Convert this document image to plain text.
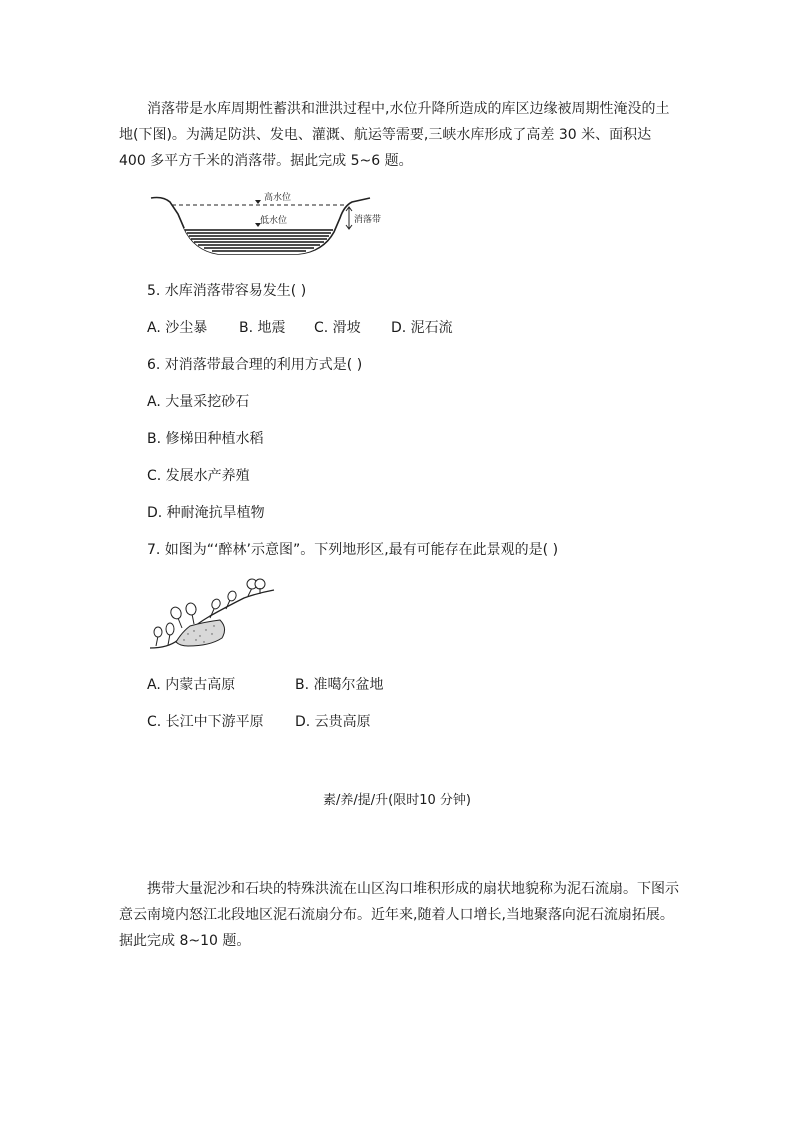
消落带是水库周期性蓄洪和泄洪过程中,水位升降所造成的库区边缘被周期性淹没的土地(下图)。为满足防洪、发电、灌溉、航运等需要,三峡水库形成了高差 30 米、面积达 400 多平方千米的消落带。据此完成 5~6 题。
高水位
低水位	消落带
5. 水库消落带容易发生( )
A. 沙尘暴 B. 地震 C. 滑坡 D. 泥石流
6. 对消落带最合理的利用方式是( )
A. 大量采挖砂石
B. 修梯田种植水稻
C. 发展水产养殖
D. 种耐淹抗旱植物
7. 如图为“‘醉林’示意图”。下列地形区,最有可能存在此景观的是( )
A. 内蒙古高原	B. 准噶尔盆地
C. 长江中下游平原 D. 云贵高原
素/养/提/升(限时10 分钟)
携带大量泥沙和石块的特殊洪流在山区沟口堆积形成的扇状地貌称为泥石流扇。下图示意云南境内怒江北段地区泥石流扇分布。近年来,随着人口增长,当地聚落向泥石流扇拓展。据此完成 8~10 题。
